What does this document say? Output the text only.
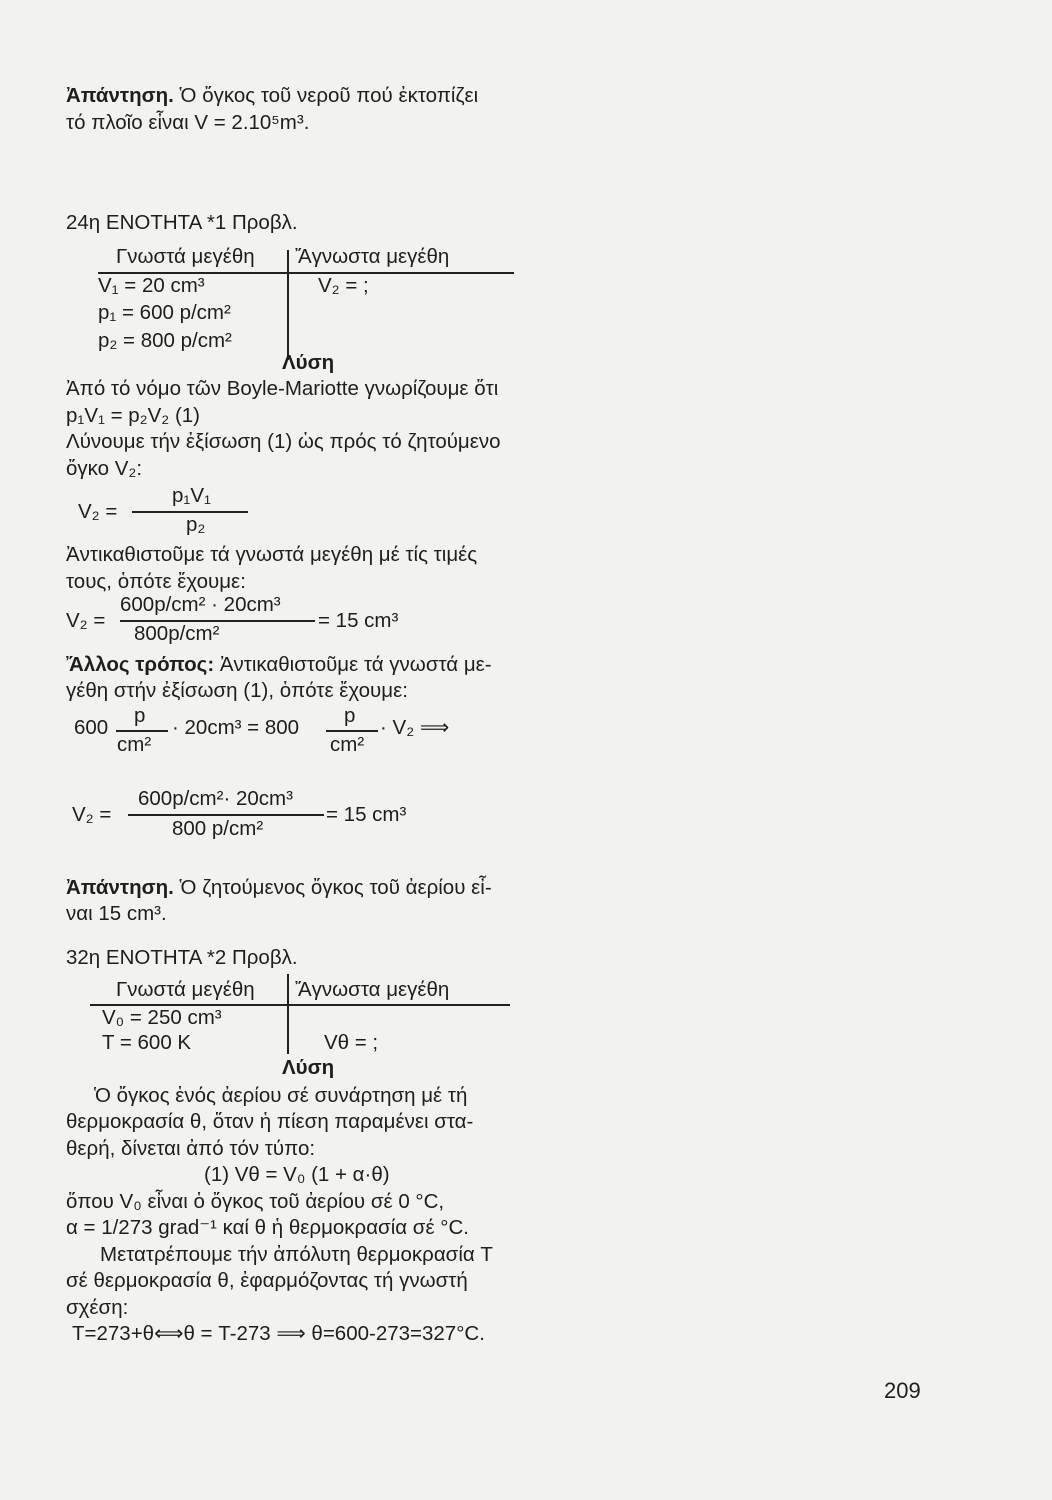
Ἀπάντηση. Ὁ ὄγκος τοῦ νεροῦ πού ἐκτοπίζει
τό πλοῖο εἶναι V = 2.10⁵m³.
24η ΕΝΟΤΗΤΑ *1 Προβλ.
Γνωστά μεγέθη Ἄγνωστα μεγέθη
V₁ = 20 cm³	V₂ = ;
p₁ = 600 p/cm²
p₂ = 800 p/cm²
Λύση
Ἀπό τό νόμο τῶν Boyle-Mariotte γνωρίζουμε ὅτι
p₁V₁ = p₂V₂ (1)
Λύνουμε τήν ἐξίσωση (1) ὡς πρός τό ζητούμενο
ὄγκο V₂:
V₂ =
p₁V₁
p₂
Ἀντικαθιστοῦμε τά γνωστά μεγέθη μέ τίς τιμές
τους, ὁπότε ἔχουμε:
V₂ =
600p/cm² · 20cm³
800p/cm²
= 15 cm³
Ἄλλος τρόπος: Ἀντικαθιστοῦμε τά γνωστά με-
γέθη στήν ἐξίσωση (1), ὁπότε ἔχουμε:
600
p
cm²
· 20cm³ = 800
p
cm²
· V₂ ⟹
V₂ =
600p/cm²· 20cm³
800 p/cm²
= 15 cm³
Ἀπάντηση. Ὁ ζητούμενος ὄγκος τοῦ ἀερίου εἶ-
ναι 15 cm³.
32η ΕΝΟΤΗΤΑ *2 Προβλ.
Γνωστά μεγέθη Ἄγνωστα μεγέθη
V₀ = 250 cm³
T = 600 K	Vθ = ;
Λύση
Ὁ ὄγκος ἑνός ἀερίου σέ συνάρτηση μέ τή
θερμοκρασία θ, ὅταν ἡ πίεση παραμένει στα-
θερή, δίνεται ἀπό τόν τύπο:
(1) Vθ = V₀ (1 + α·θ)
ὅπου V₀ εἶναι ὁ ὄγκος τοῦ ἀερίου σέ 0 °C,
α = 1/273 grad⁻¹ καί θ ἡ θερμοκρασία σέ °C.
Μετατρέπουμε τήν ἀπόλυτη θερμοκρασία T
σέ θερμοκρασία θ, ἐφαρμόζοντας τή γνωστή
σχέση:
T=273+θ⟺θ = T-273 ⟹ θ=600-273=327°C.
209
